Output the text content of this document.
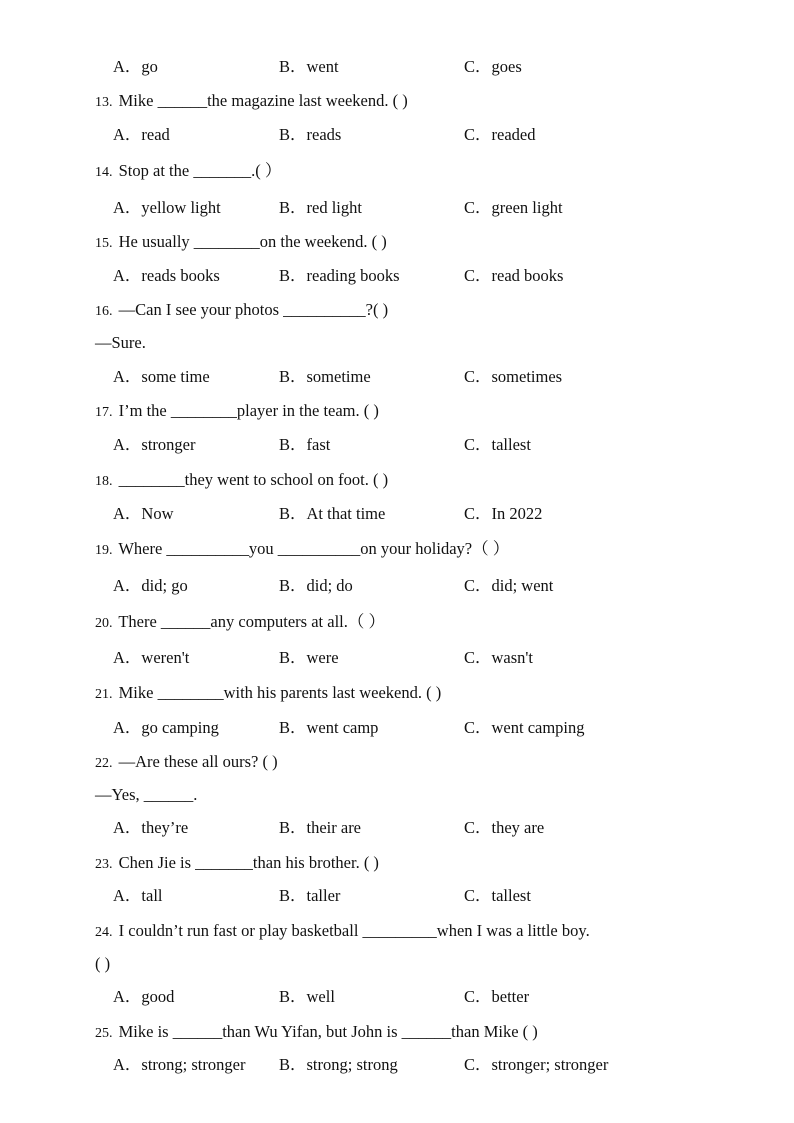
A．go	B．went	C．goes
13. Mike ______the magazine last weekend. ( )
A．read	B．reads	C．readed
14. Stop at the _______.( ）
A．yellow light	B．red light	C．green light
15. He usually ________on the weekend. ( )
A．reads books	B．reading books	C．read books
16. —Can I see your photos __________?( )
—Sure.
A．some time	B．sometime	C．sometimes
17. I’m the ________player in the team. ( )
A．stronger	B．fast	C．tallest
18. ________they went to school on foot. ( )
A．Now	B．At that time	C．In 2022
19. Where __________you __________on your holiday?（ ）
A．did; go	B．did; do	C．did; went
20. There ______any computers at all.（ ）
A．weren't	B．were	C．wasn't
21. Mike ________with his parents last weekend. ( )
A．go camping	B．went camp	C．went camping
22. —Are these all ours? ( )
—Yes, ______.
A．they’re	B．their are	C．they are
23. Chen Jie is _______than his brother. ( )
A．tall	B．taller	C．tallest
24. I couldn’t run fast or play basketball _________when I was a little boy.
( )
A．good	B．well	C．better
25. Mike is ______than Wu Yifan, but John is ______than Mike ( )
A．strong; stronger B．strong; strong	C．stronger; stronger
